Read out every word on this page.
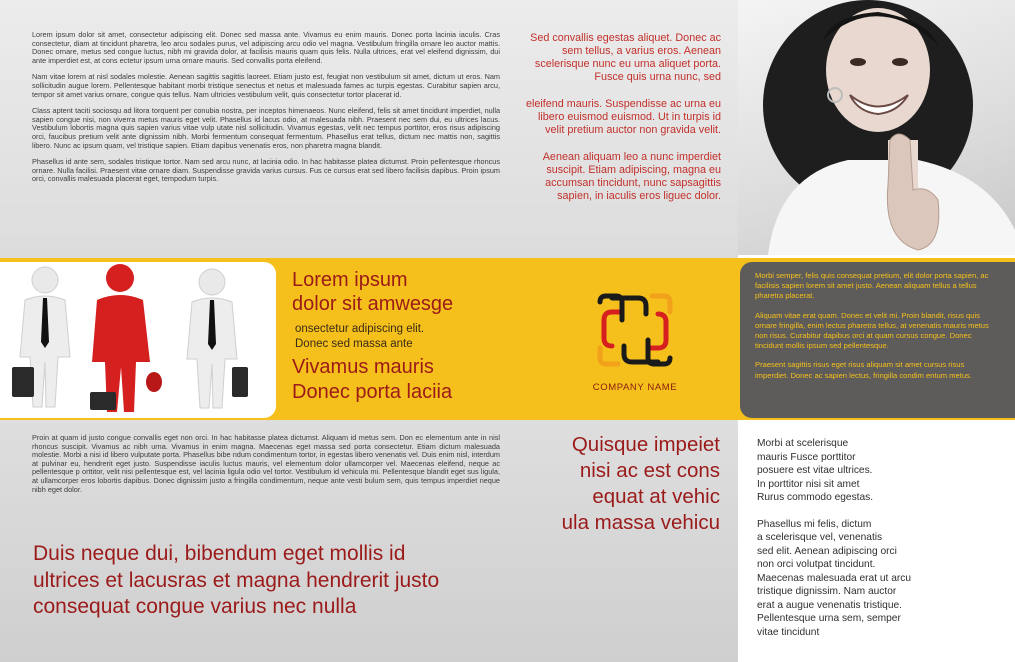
Lorem ipsum dolor sit amet, consectetur adipiscing elit. Donec sed massa ante. Vivamus eu enim mauris. Donec porta lacinia iaculis. Cras consectetur, diam at tincidunt pharetra, leo arcu sodales purus, vel adipiscing arcu odio vel magna. Vestibulum fringilla ornare leo auctor mattis. Donec ornare, metus sed congue luctus, nibh mi gravida dolor, at facilisis mauris quam quis felis. Nulla ultrices, erat vel eleifend dignissim, dui ante imperdiet est, at cons ectetur ipsum urna ornare mauris. Sed convallis porta eleifend.

Nam vitae lorem at nisl sodales molestie. Aenean sagittis sagittis laoreet. Etiam justo est, feugiat non vestibulum sit amet, dictum ut eros. Nam sollicitudin augue lorem. Pellentesque habitant morbi tristique senectus et netus et malesuada fames ac turpis egestas. Curabitur sapien arcu, tempor sit amet varius ornare, congue quis tellus. Nam ultricies vestibulum velit, quis consectetur tortor placerat id.

Class aptent taciti sociosqu ad litora torquent per conubia nostra, per inceptos himenaeos. Nunc eleifend, felis sit amet tincidunt imperdiet, nulla sapien congue nisi, non viverra metus mauris eget velit. Phasellus id lacus odio, at malesuada nibh. Praesent nec sem dui, eu ultrices lacus. Vestibulum lobortis magna quis sapien varius vitae vulp utate nisl sollicitudin. Vivamus egestas, velit nec tempus porttitor, eros risus adipiscing orci, faucibus pretium velit ante dignissim nibh. Morbi fermentum consequat fermentum. Phasellus erat tellus, dictum nec mattis non, sagittis libero. Nunc ac ipsum quam, vel tristique sapien. Etiam dapibus venenatis eros, non pharetra magna blandit.

Phasellus id ante sem, sodales tristique tortor. Nam sed arcu nunc, at lacinia odio. In hac habitasse platea dictumst. Proin pellentesque rhoncus ornare. Nulla facilisi. Praesent vitae ornare diam. Suspendisse gravida varius cursus. Fus ce cursus erat sed libero facilisis dapibus. Proin ipsum orci, convallis malesuada placerat eget, tempodum turpis.

Sed convallis egestas aliquet. Donec ac sem tellus, a varius eros. Aenean scelerisque nunc eu urna aliquet porta. Fusce quis urna nunc, sed

eleifend mauris. Suspendisse ac urna eu libero euismod euismod. Ut in turpis id velit pretium auctor non gravida velit.

Aenean aliquam leo a nunc imperdiet suscipit. Etiam adipiscing, magna eu accumsan tincidunt, nunc sapsagittis sapien, in iaculis eros liguec dolor.

Lorem ipsum
dolor sit amwesge
onsectetur adipiscing elit.
Donec sed massa ante
Vivamus mauris
Donec porta laciia	COMPANY NAME

Morbi semper, felis quis consequat pretium, elit dolor porta sapien, ac facilisis sapien lorem sit amet justo. Aenean aliquam tellus a tellus pharetra placerat.

Aliquam vitae erat quam. Donec et velit mi. Proin blandit, risus quis ornare fringilla, enim lectus pharetra tellus, at venenatis mauris metus non risus. Curabitur dapibus orci at quam cursus congue. Donec tincidunt mollis ipsum sed pellentesque.

Praesent sagittis risus eget risus aliquam sit amet cursus risus imperdiet. Donec ac sapien lectus, fringilla condim entum metus.

Proin at quam id justo congue convallis eget non orci. In hac habitasse platea dictumst. Aliquam id metus sem. Don ec elementum ante in nisl rhoncus suscipit. Vivamus ac nibh urna. Vivamus in enim magna. Maecenas eget massa sed porta consectetur. Etiam dictum malesuada molestie. Morbi a nisi id libero vulputate porta. Phasellus bibe ndum condimentum tortor, in egestas libero venenatis vel. Duis enim nisl, interdum at pulvinar eu, hendrerit eget justo. Suspendisse iaculis luctus mauris, vel elementum dolor ullamcorper vel. Maecenas eleifend, neque ac pellentesque p orttitor, velit nisi pellentesque est, vel lacinia ligula odio vel tortor. Vestibulum id vehicula mi. Pellentesque blandit eget sus ligula, at ullamcorper eros lobortis dapibus. Donec dignissim justo a fringilla condimentum, neque ante vesti bulum sem, quis tempus imperdiet neque nibh eget dolor.

Duis neque dui, bibendum eget mollis id
ultrices et lacusras et magna hendrerit justo
consequat congue varius nec nulla
Quisque impeiet
nisi ac est cons
equat at vehic
ula massa vehicu

Morbi at scelerisque
mauris Fusce porttitor
posuere est vitae ultrices.
In porttitor nisi sit amet
Rurus commodo egestas.

Phasellus mi felis, dictum
a scelerisque vel, venenatis
sed elit. Aenean adipiscing orci
non orci volutpat tincidunt.
Maecenas malesuada erat ut arcu
tristique dignissim. Nam auctor
erat a augue venenatis tristique.
Pellentesque urna sem, semper
vitae tincidunt
